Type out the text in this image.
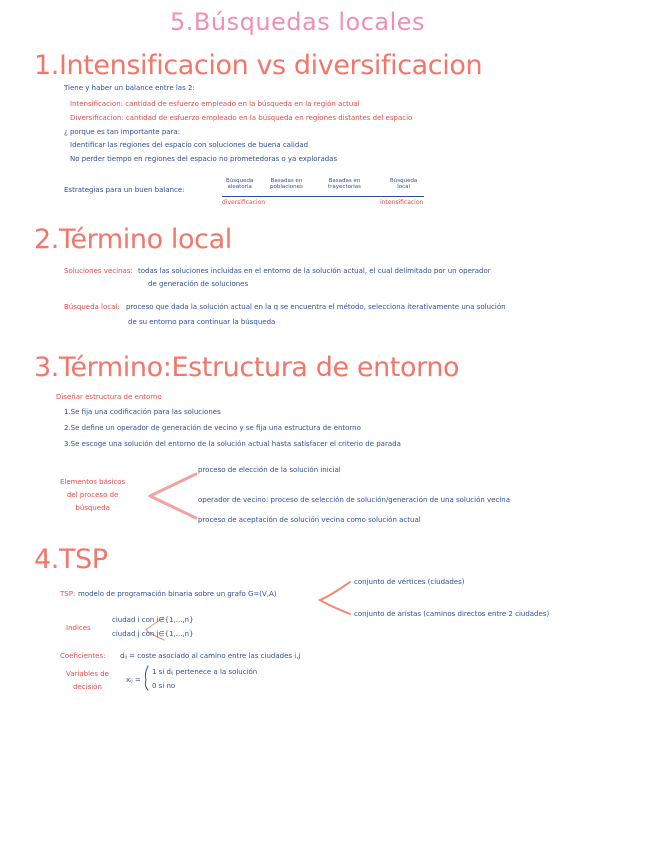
5.Búsquedas locales
1.Intensificacion vs diversificacion
Tiene y haber un balance entre las 2:
Intensificacion: cantidad de esfuerzo empleado en la búsqueda en la región actual
Diversificacion: cantidad de esfuerzo empleado en la búsqueda en regiones distantes del espacio
¿ porque es tan importante para:
Identificar las regiones del espacio con soluciones de buena calidad
No perder tiempo en regiones del espacio no prometedoras o ya exploradas
Estrategias para un buen balance:
Búsqueda
aleatoria
Basadas en
poblaciones
Basadas en
trayectorias
Búsqueda
local
diversificacion	intensificacion
2.Término local
Soluciones vecinas: todas las soluciones incluidas en el entorno de la solución actual, el cual delimitado por un operador
de generación de soluciones
Búsqueda local: proceso que dada la solución actual en la q se encuentra el método, selecciona iterativamente una solución
de su entorno para continuar la búsqueda
3.Término:Estructura de entorno
Diseñar estructura de entorno
1.Se fija una codificación para las soluciones
2.Se define un operador de generación de vecino y se fija una estructura de entorno
3.Se escoge una solución del entorno de la solución actual hasta satisfacer el criterio de parada
Elementos básicos
del proceso de
búsqueda
proceso de elección de la solución inicial
operador de vecino: proceso de selección de solución/generación de una solución vecina
proceso de aceptación de solución vecina como solución actual
4.TSP
TSP: modelo de programación binaria sobre un grafo G=(V,A)
conjunto de vértices (ciudades)
conjunto de aristas (caminos directos entre 2 ciudades)
Indices
ciudad i con i∈{1,...,n}
ciudad j con j∈{1,...,n}
Coeficientes: dᵢⱼ = coste asociado al camino entre las ciudades i,j
Variables de
decisión
xᵢⱼ =
1 si dᵢⱼ pertenece a la solución
0 si no
